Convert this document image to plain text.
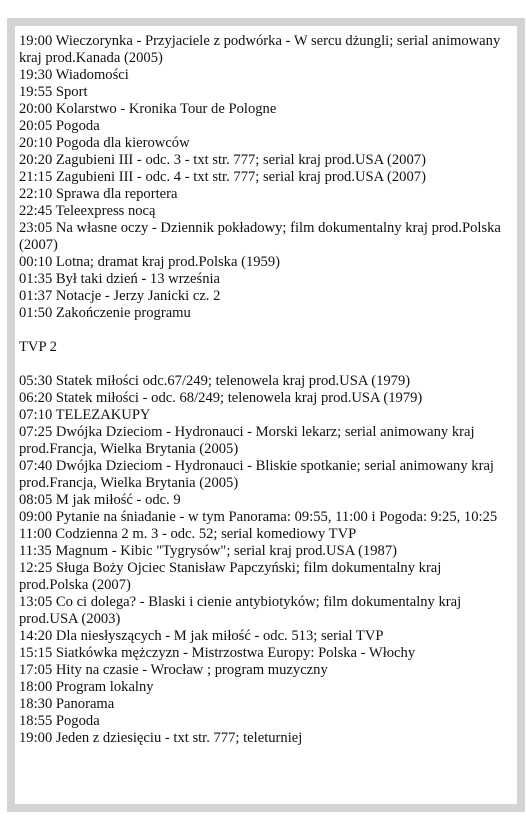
19:00 Wieczorynka - Przyjaciele z podwórka - W sercu dżungli; serial animowany kraj prod.Kanada (2005)
19:30 Wiadomości
19:55 Sport
20:00 Kolarstwo - Kronika Tour de Pologne
20:05 Pogoda
20:10 Pogoda dla kierowców
20:20 Zagubieni III - odc. 3 - txt str. 777; serial kraj prod.USA (2007)
21:15 Zagubieni III - odc. 4 - txt str. 777; serial kraj prod.USA (2007)
22:10 Sprawa dla reportera
22:45 Teleexpress nocą
23:05 Na własne oczy - Dziennik pokładowy; film dokumentalny kraj prod.Polska (2007)
00:10 Lotna; dramat kraj prod.Polska (1959)
01:35 Był taki dzień - 13 września
01:37 Notacje - Jerzy Janicki cz. 2
01:50 Zakończenie programu
TVP 2
05:30 Statek miłości odc.67/249; telenowela kraj prod.USA (1979)
06:20 Statek miłości - odc. 68/249; telenowela kraj prod.USA (1979)
07:10 TELEZAKUPY
07:25 Dwójka Dzieciom - Hydronauci - Morski lekarz; serial animowany kraj prod.Francja, Wielka Brytania (2005)
07:40 Dwójka Dzieciom - Hydronauci - Bliskie spotkanie; serial animowany kraj prod.Francja, Wielka Brytania (2005)
08:05 M jak miłość - odc. 9
09:00 Pytanie na śniadanie - w tym Panorama: 09:55, 11:00 i Pogoda: 9:25, 10:25
11:00 Codzienna 2 m. 3 - odc. 52; serial komediowy TVP
11:35 Magnum - Kibic "Tygrysów"; serial kraj prod.USA (1987)
12:25 Sługa Boży Ojciec Stanisław Papczyński; film dokumentalny kraj prod.Polska (2007)
13:05 Co ci dolega? - Blaski i cienie antybiotyków; film dokumentalny kraj prod.USA (2003)
14:20 Dla niesłyszących - M jak miłość - odc. 513; serial TVP
15:15 Siatkówka mężczyzn - Mistrzostwa Europy: Polska - Włochy
17:05 Hity na czasie - Wrocław ; program muzyczny
18:00 Program lokalny
18:30 Panorama
18:55 Pogoda
19:00 Jeden z dziesięciu - txt str. 777; teleturniej
